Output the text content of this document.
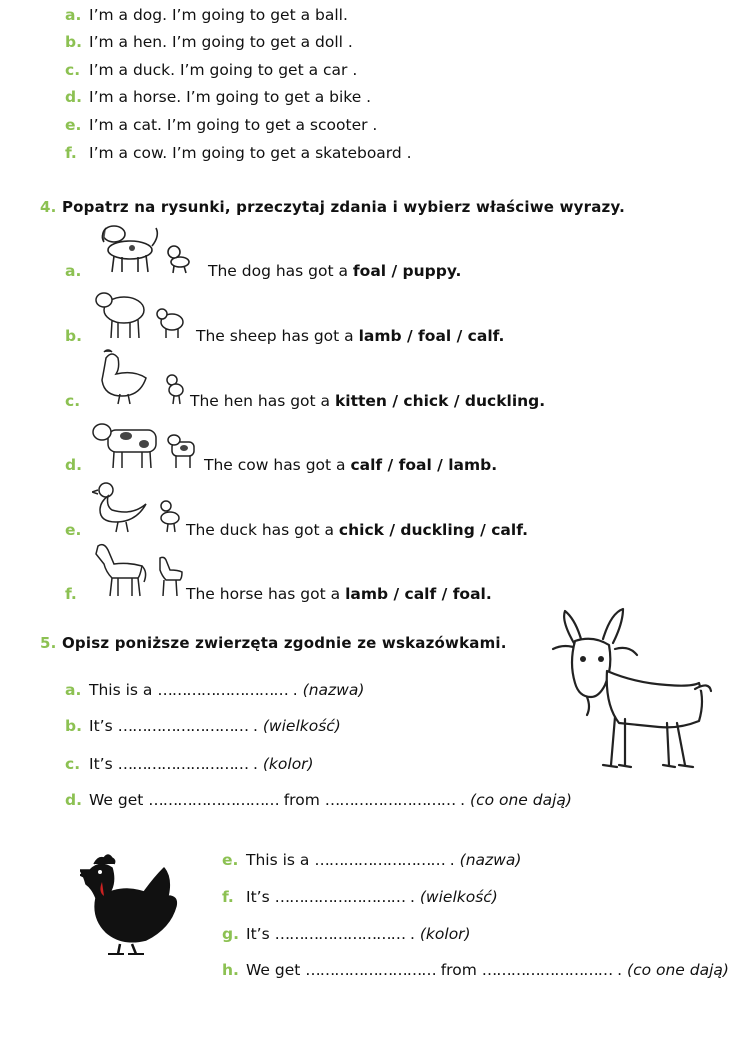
a. I’m a dog. I’m going to get a ball.
b. I’m a hen. I’m going to get a doll .
c. I’m a duck. I’m going to get a car .
d. I’m a horse. I’m going to get a bike .
e. I’m a cat. I’m going to get a scooter .
f. I’m a cow. I’m going to get a skateboard .
4. Popatrz na rysunki, przeczytaj zdania i wybierz właściwe wyrazy.
a.	The dog has got a foal / puppy.
b.	The sheep has got a lamb / foal / calf.
c.	The hen has got a kitten / chick / duckling.
d.	The cow has got a calf / foal / lamb.
e.	The duck has got a chick / duckling / calf.
f.	The horse has got a lamb / calf / foal.
5. Opisz poniższe zwierzęta zgodnie ze wskazówkami.
a. This is a ……………………… . (nazwa)
b. It’s ……………………… . (wielkość)
c. It’s ……………………… . (kolor)
d. We get ……………………… from ……………………… . (co one dają)
e. This is a ……………………… . (nazwa)
f. It’s ……………………… . (wielkość)
g. It’s ……………………… . (kolor)
h. We get ……………………… from ……………………… . (co one dają)
